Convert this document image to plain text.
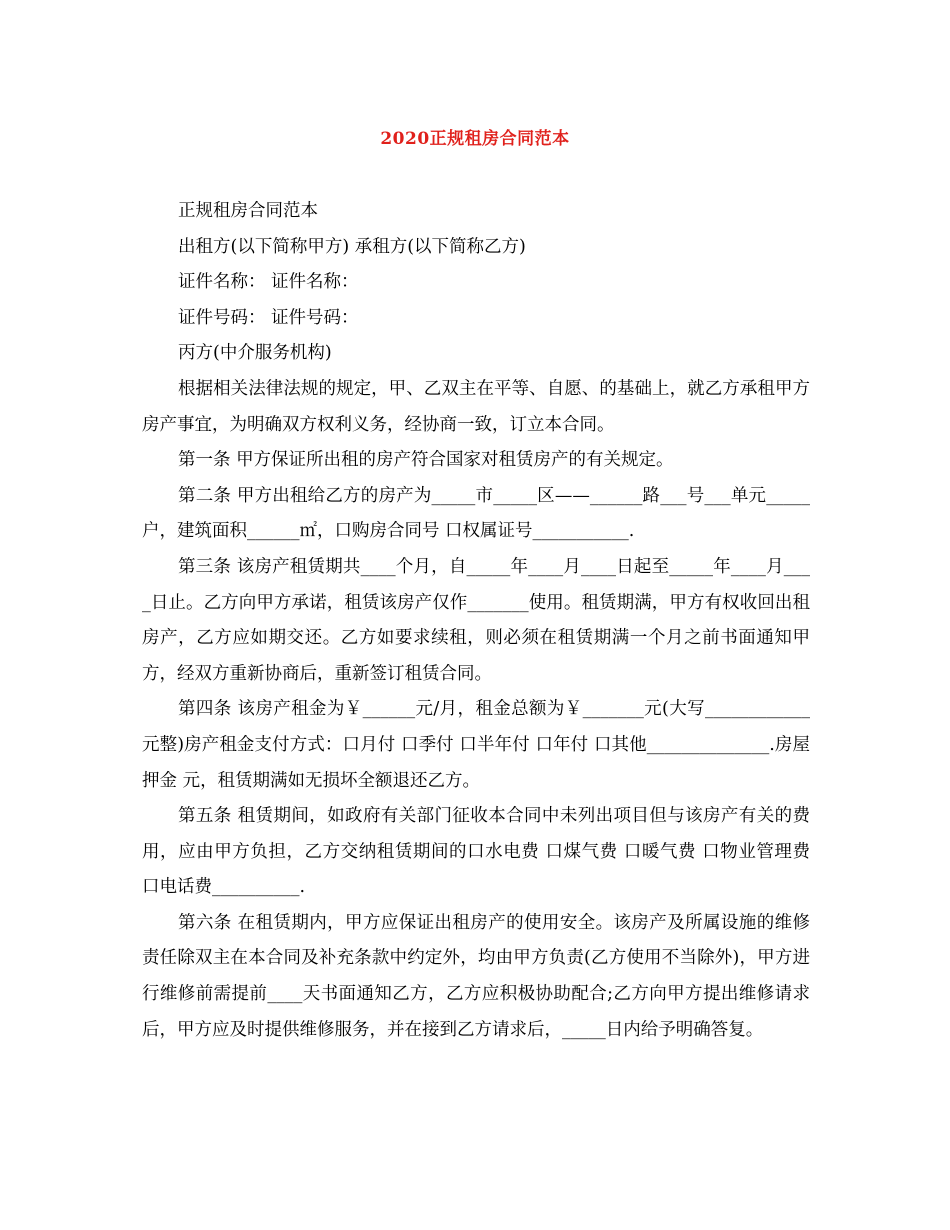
2020正规租房合同范本

正规租房合同范本

出租方(以下简称甲方) 承租方(以下简称乙方)

证件名称： 证件名称：

证件号码： 证件号码：

丙方(中介服务机构)

根据相关法律法规的规定，甲、乙双主在平等、自愿、的基础上，就乙方承租甲方房产事宜，为明确双方权利义务，经协商一致，订立本合同。

第一条 甲方保证所出租的房产符合国家对租赁房产的有关规定。

第二条 甲方出租给乙方的房产为_____市_____区——______路___号___单元_____户，建筑面积______㎡，口购房合同号 口权属证号___________.

第三条 该房产租赁期共____个月，自_____年____月____日起至_____年____月____日止。乙方向甲方承诺，租赁该房产仅作_______使用。租赁期满，甲方有权收回出租房产，乙方应如期交还。乙方如要求续租，则必须在租赁期满一个月之前书面通知甲方，经双方重新协商后，重新签订租赁合同。

第四条 该房产租金为￥______元/月，租金总额为￥_______元(大写____________元整)房产租金支付方式：口月付 口季付 口半年付 口年付 口其他______________.房屋押金 元，租赁期满如无损坏全额退还乙方。

第五条 租赁期间，如政府有关部门征收本合同中未列出项目但与该房产有关的费用，应由甲方负担，乙方交纳租赁期间的口水电费 口煤气费 口暖气费 口物业管理费 口电话费__________.

第六条 在租赁期内，甲方应保证出租房产的使用安全。该房产及所属设施的维修责任除双主在本合同及补充条款中约定外，均由甲方负责(乙方使用不当除外)，甲方进行维修前需提前____天书面通知乙方，乙方应积极协助配合;乙方向甲方提出维修请求后，甲方应及时提供维修服务，并在接到乙方请求后，_____日内给予明确答复。
